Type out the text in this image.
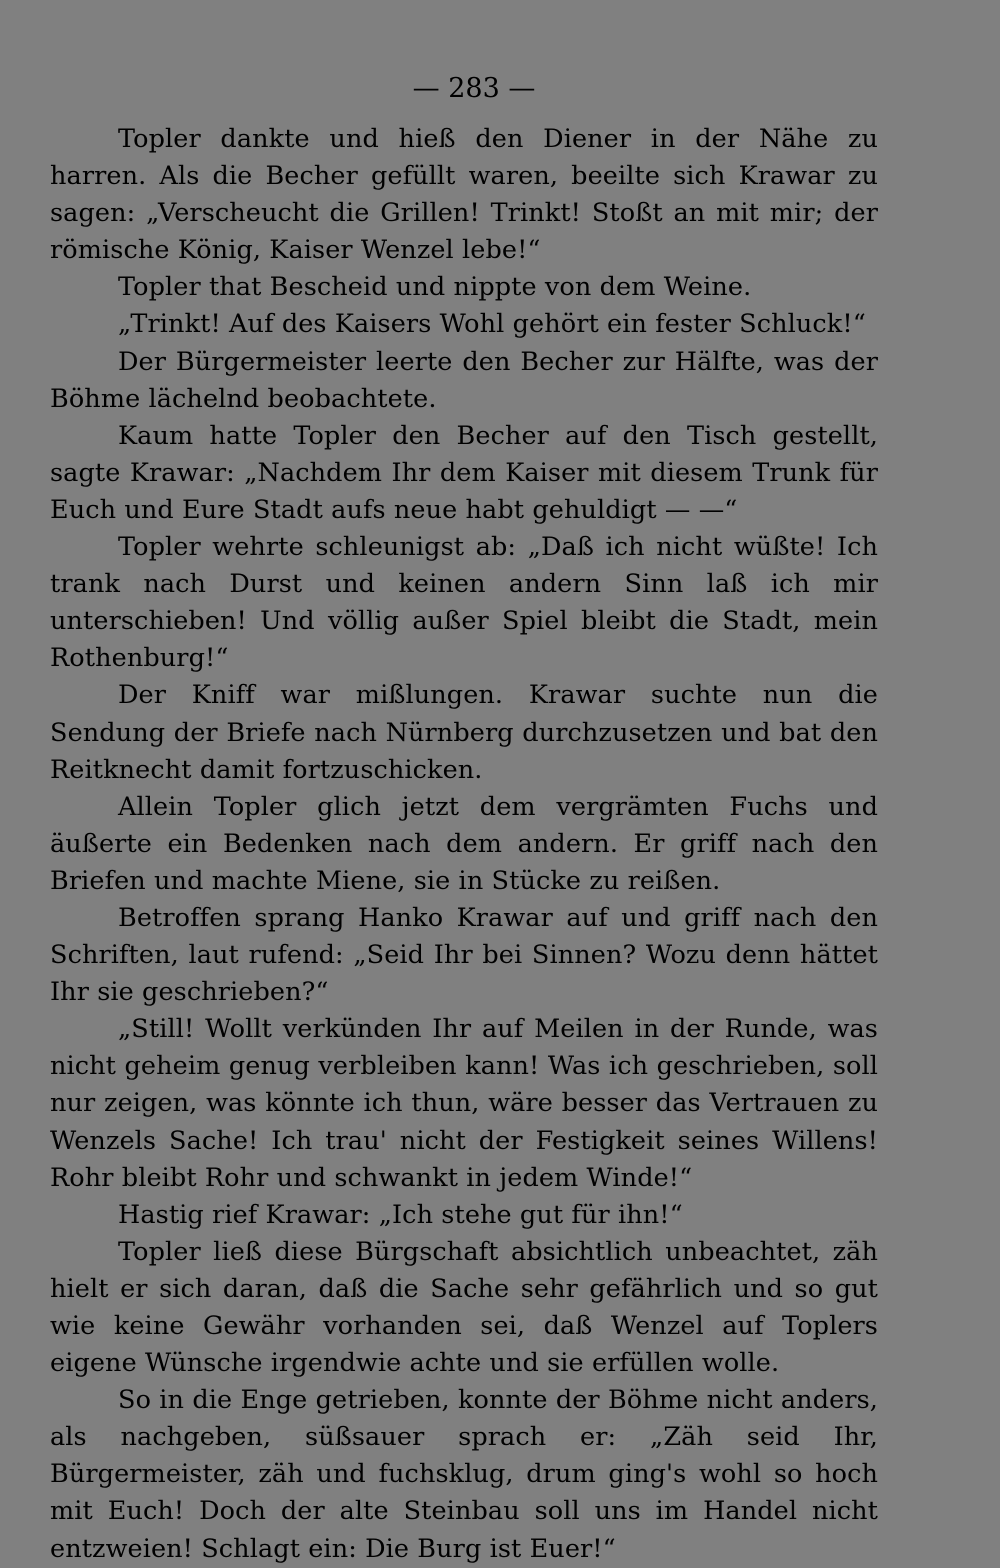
— 283 —

Topler dankte und hieß den Diener in der Nähe zu harren. Als die Becher gefüllt waren, beeilte sich Krawar zu sagen: „Verscheucht die Grillen! Trinkt! Stoßt an mit mir; der römische König, Kaiser Wenzel lebe!“

Topler that Bescheid und nippte von dem Weine.

„Trinkt! Auf des Kaisers Wohl gehört ein fester Schluck!“

Der Bürgermeister leerte den Becher zur Hälfte, was der Böhme lächelnd beobachtete.

Kaum hatte Topler den Becher auf den Tisch gestellt, sagte Krawar: „Nachdem Ihr dem Kaiser mit diesem Trunk für Euch und Eure Stadt aufs neue habt gehuldigt — —“

Topler wehrte schleunigst ab: „Daß ich nicht wüßte! Ich trank nach Durst und keinen andern Sinn laß ich mir unterschieben! Und völlig außer Spiel bleibt die Stadt, mein Rothenburg!“

Der Kniff war mißlungen. Krawar suchte nun die Sendung der Briefe nach Nürnberg durchzusetzen und bat den Reitknecht damit fortzuschicken.

Allein Topler glich jetzt dem vergrämten Fuchs und äußerte ein Bedenken nach dem andern. Er griff nach den Briefen und machte Miene, sie in Stücke zu reißen.

Betroffen sprang Hanko Krawar auf und griff nach den Schriften, laut rufend: „Seid Ihr bei Sinnen? Wozu denn hättet Ihr sie geschrieben?“

„Still! Wollt verkünden Ihr auf Meilen in der Runde, was nicht geheim genug verbleiben kann! Was ich geschrieben, soll nur zeigen, was könnte ich thun, wäre besser das Vertrauen zu Wenzels Sache! Ich trau' nicht der Festigkeit seines Willens! Rohr bleibt Rohr und schwankt in jedem Winde!“

Hastig rief Krawar: „Ich stehe gut für ihn!“

Topler ließ diese Bürgschaft absichtlich unbeachtet, zäh hielt er sich daran, daß die Sache sehr gefährlich und so gut wie keine Gewähr vorhanden sei, daß Wenzel auf Toplers eigene Wünsche irgendwie achte und sie erfüllen wolle.

So in die Enge getrieben, konnte der Böhme nicht anders, als nachgeben, süßsauer sprach er: „Zäh seid Ihr, Bürgermeister, zäh und fuchsklug, drum ging's wohl so hoch mit Euch! Doch der alte Steinbau soll uns im Handel nicht entzweien! Schlagt ein: Die Burg ist Euer!“
